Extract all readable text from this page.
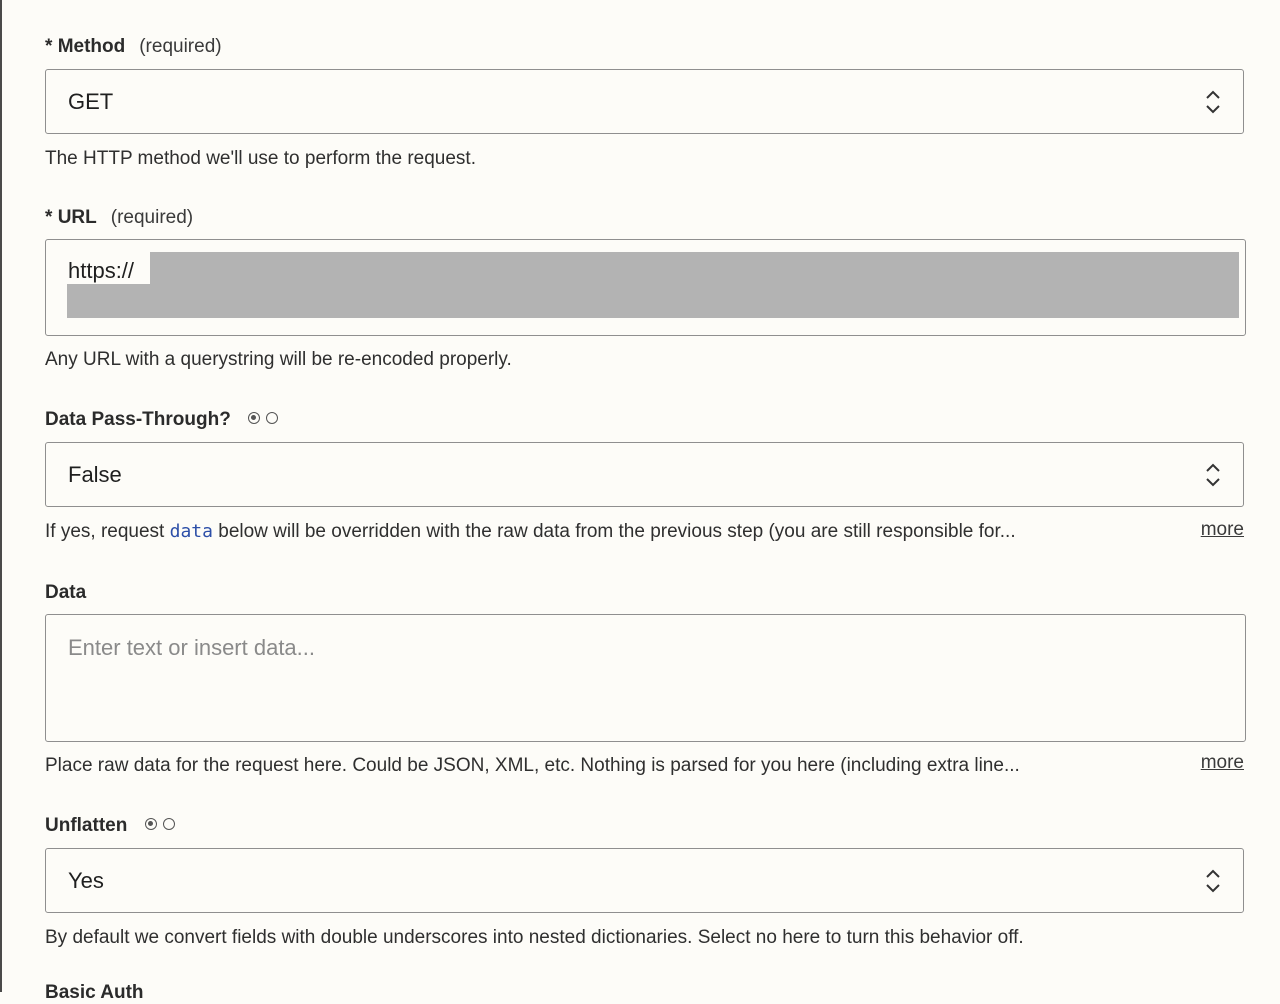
* Method (required)
GET
The HTTP method we'll use to perform the request.
* URL (required)
https://
Any URL with a querystring will be re-encoded properly.
Data Pass-Through?
False
If yes, request data below will be overridden with the raw data from the previous step (you are still responsible for...	more
Data
Enter text or insert data...
Place raw data for the request here. Could be JSON, XML, etc. Nothing is parsed for you here (including extra line...	more
Unflatten
Yes
By default we convert fields with double underscores into nested dictionaries. Select no here to turn this behavior off.
Basic Auth
